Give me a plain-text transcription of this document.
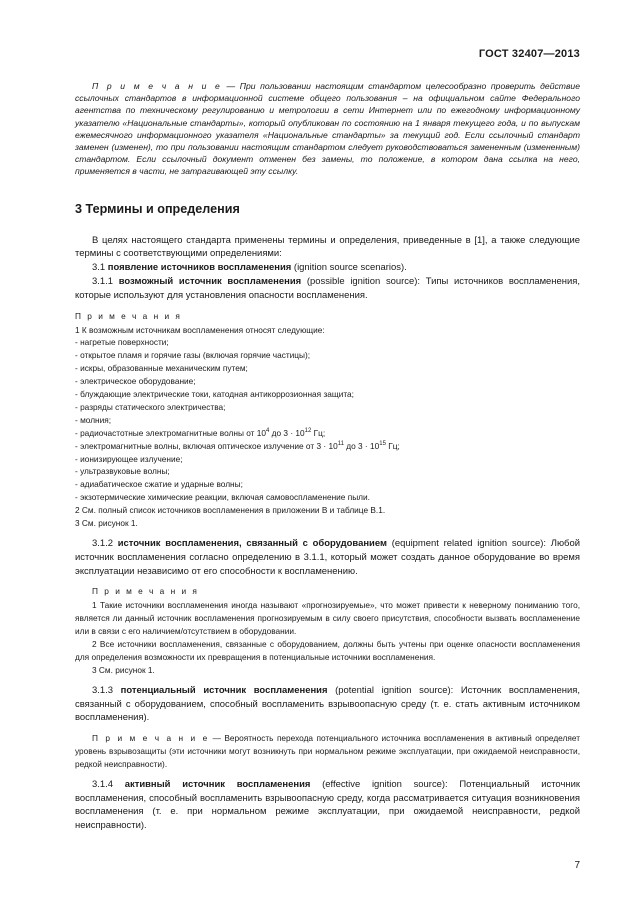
ГОСТ 32407—2013

П р и м е ч а н и е — При пользовании настоящим стандартом целесообразно проверить действие ссылочных стандартов в информационной системе общего пользования – на официальном сайте Федерального агентства по техническому регулированию и метрологии в сети Интернет или по ежегодному информационному указателю «Национальные стандарты», который опубликован по состоянию на 1 января текущего года, и по выпускам ежемесячного информационного указателя «Национальные стандарты» за текущий год. Если ссылочный стандарт заменен (изменен), то при пользовании настоящим стандартом следует руководствоваться замененным (измененным) стандартом. Если ссылочный документ отменен без замены, то положение, в котором дана ссылка на него, применяется в части, не затрагивающей эту ссылку.

3 Термины и определения

В целях настоящего стандарта применены термины и определения, приведенные в [1], а также следующие термины с соответствующими определениями:

3.1 появление источников воспламенения (ignition source scenarios).

3.1.1 возможный источник воспламенения (possible ignition source): Типы источников воспламенения, которые используют для установления опасности воспламенения.

П р и м е ч а н и я

1 К возможным источникам воспламенения относят следующие:

- нагретые поверхности;

- открытое пламя и горячие газы (включая горячие частицы);

- искры, образованные механическим путем;

- электрическое оборудование;

- блуждающие электрические токи, катодная антикоррозионная защита;

- разряды статического электричества;

- молния;

- радиочастотные электромагнитные волны от $10^4$ до $3 \cdot 10^{12}$ Гц;

- электромагнитные волны, включая оптическое излучение от $3 \cdot 10^{11}$ до $3 \cdot 10^{15}$ Гц;

- ионизирующее излучение;

- ультразвуковые волны;

- адиабатическое сжатие и ударные волны;

- экзотермические химические реакции, включая самовоспламенение пыли.

2 См. полный список источников воспламенения в приложении В и таблице В.1.

3 См. рисунок 1.

3.1.2 источник воспламенения, связанный с оборудованием (equipment related ignition source): Любой источник воспламенения согласно определению в 3.1.1, который может создать данное оборудование во время эксплуатации независимо от его способности к воспламенению.

П р и м е ч а н и я

1 Такие источники воспламенения иногда называют «прогнозируемые», что может привести к неверному пониманию того, является ли данный источник воспламенения прогнозируемым в силу своего присутствия, способности вызвать воспламенение или в связи с его наличием/отсутствием в оборудовании.

2 Все источники воспламенения, связанные с оборудованием, должны быть учтены при оценке опасности воспламенения для определения возможности их превращения в потенциальные источники воспламенения.

3 См. рисунок 1.

3.1.3 потенциальный источник воспламенения (potential ignition source): Источник воспламенения, связанный с оборудованием, способный воспламенить взрывоопасную среду (т. е. стать активным источником воспламенения).

П р и м е ч а н и е — Вероятность перехода потенциального источника воспламенения в активный определяет уровень взрывозащиты (эти источники могут возникнуть при нормальном режиме эксплуатации, при ожидаемой неисправности, редкой неисправности).

3.1.4 активный источник воспламенения (effective ignition source): Потенциальный источник воспламенения, способный воспламенить взрывоопасную среду, когда рассматривается ситуация возникновения воспламенения (т. е. при нормальном режиме эксплуатации, при ожидаемой неисправности, редкой неисправности).

7
